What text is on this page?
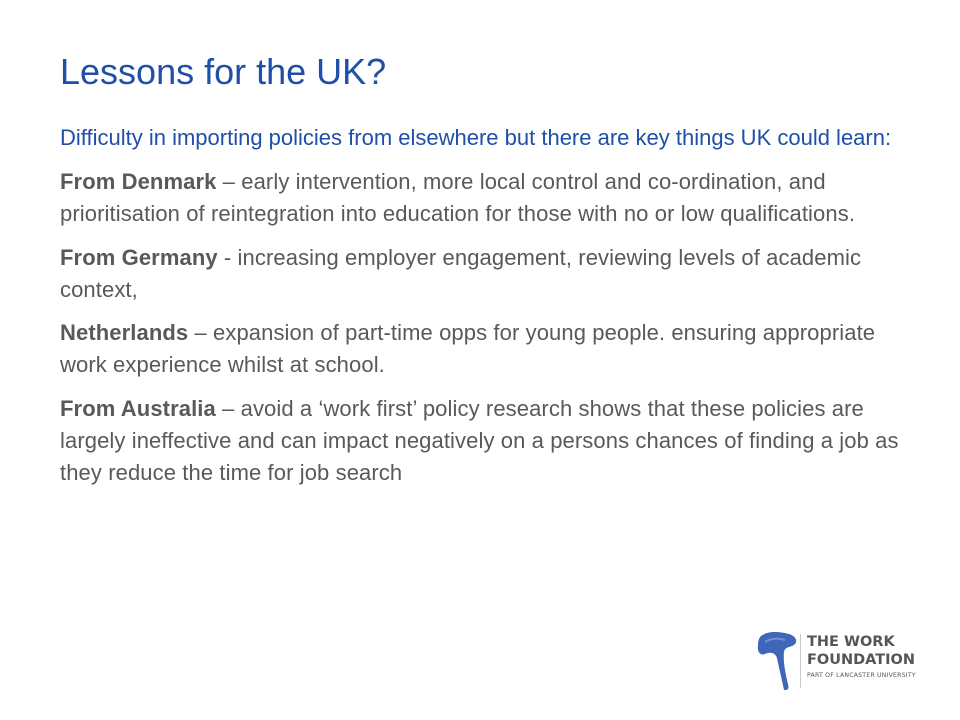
Lessons for the UK?

Difficulty in importing policies from elsewhere but there are key things UK could learn:

From Denmark – early intervention, more local control and co-ordination, and prioritisation of reintegration into education for those with no or low qualifications.

From Germany - increasing employer engagement, reviewing levels of academic context,

Netherlands – expansion of part-time opps for young people. ensuring appropriate work experience whilst at school.

From Australia – avoid a ‘work first’ policy research shows that these policies are largely ineffective and can impact negatively on a persons chances of finding a job as they reduce the time for job search

THE WORK
FOUNDATION
PART OF LANCASTER UNIVERSITY
